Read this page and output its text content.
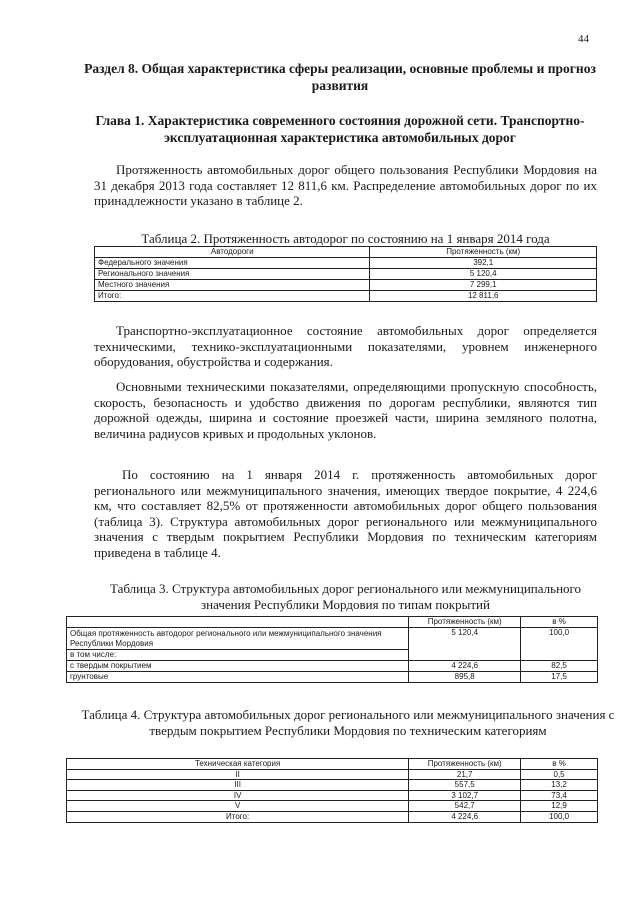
44
Раздел 8. Общая характеристика сферы реализации, основные проблемы и прогноз развития
Глава 1. Характеристика современного состояния дорожной сети. Транспортно-эксплуатационная характеристика автомобильных дорог

Протяженность автомобильных дорог общего пользования Республики Мордовия на 31 декабря 2013 года составляет 12 811,6 км. Распределение автомобильных дорог по их принадлежности указано в таблице 2.

Таблица 2. Протяженность автодорог по состоянию на 1 января 2014 года

Автодороги	Протяженность (км)
Федерального значения	392,1
Регионального значения	5 120,4
Местного значения	7 299,1
Итого:	12 811,6

Транспортно-эксплуатационное состояние автомобильных дорог определяется техническими, технико-эксплуатационными показателями, уровнем инженерного оборудования, обустройства и содержания.

Основными техническими показателями, определяющими пропускную способность, скорость, безопасность и удобство движения по дорогам республики, являются тип дорожной одежды, ширина и состояние проезжей части, ширина земляного полотна, величина радиусов кривых и продольных уклонов.

По состоянию на 1 января 2014 г. протяженность автомобильных дорог регионального или межмуниципального значения, имеющих твердое покрытие, 4 224,6 км, что составляет 82,5% от протяженности автомобильных дорог общего пользования (таблица 3). Структура автомобильных дорог регионального или межмуниципального значения с твердым покрытием Республики Мордовия по техническим категориям приведена в таблице 4.

Таблица 3. Структура автомобильных дорог регионального или межмуниципального значения Республики Мордовия по типам покрытий

	Протяженность (км)	в %
Общая протяженность автодорог регионального или межмуниципального значения Республики Мордовия	5 120,4	100,0

в том числе:		
с твердым покрытием	4 224,6	82,5
грунтовые	895,8	17,5

Таблица 4. Структура автомобильных дорог регионального или межмуниципального значения с твердым покрытием Республики Мордовия по техническим категориям

Техническая категория	Протяженность (км)	в %
II	21,7	0,5
III	557,5	13,2
IV	3 102,7	73,4
V	542,7	12,9
Итого:	4 224,6	100,0
